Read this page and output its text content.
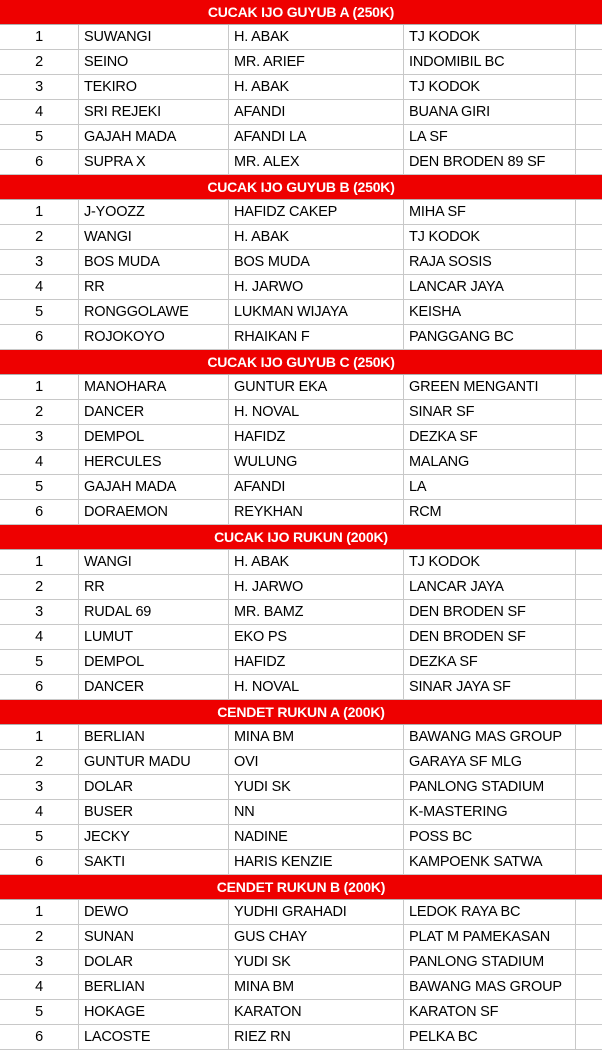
CUCAK IJO GUYUB A (250K)
1	SUWANGI	H. ABAK	TJ KODOK
2	SEINO	MR. ARIEF	INDOMIBIL BC
3	TEKIRO	H. ABAK	TJ KODOK
4	SRI REJEKI	AFANDI	BUANA GIRI
5	GAJAH MADA	AFANDI LA	LA SF
6	SUPRA X	MR. ALEX	DEN BRODEN 89 SF
CUCAK IJO GUYUB B (250K)
1	J-YOOZZ	HAFIDZ CAKEP	MIHA SF
2	WANGI	H. ABAK	TJ KODOK
3	BOS MUDA	BOS MUDA	RAJA SOSIS
4	RR	H. JARWO	LANCAR JAYA
5	RONGGOLAWE	LUKMAN WIJAYA	KEISHA
6	ROJOKOYO	RHAIKAN F	PANGGANG BC
CUCAK IJO GUYUB C (250K)
1	MANOHARA	GUNTUR EKA	GREEN MENGANTI
2	DANCER	H. NOVAL	SINAR SF
3	DEMPOL	HAFIDZ	DEZKA SF
4	HERCULES	WULUNG	MALANG
5	GAJAH MADA	AFANDI	LA
6	DORAEMON	REYKHAN	RCM
CUCAK IJO RUKUN (200K)
1	WANGI	H. ABAK	TJ KODOK
2	RR	H. JARWO	LANCAR JAYA
3	RUDAL 69	MR. BAMZ	DEN BRODEN SF
4	LUMUT	EKO PS	DEN BRODEN SF
5	DEMPOL	HAFIDZ	DEZKA SF
6	DANCER	H. NOVAL	SINAR JAYA SF
CENDET RUKUN A (200K)
1	BERLIAN	MINA BM	BAWANG MAS GROUP
2	GUNTUR MADU	OVI	GARAYA SF MLG
3	DOLAR	YUDI SK	PANLONG STADIUM
4	BUSER	NN	K-MASTERING
5	JECKY	NADINE	POSS BC
6	SAKTI	HARIS KENZIE	KAMPOENK SATWA
CENDET RUKUN B (200K)
1	DEWO	YUDHI GRAHADI	LEDOK RAYA BC
2	SUNAN	GUS CHAY	PLAT M PAMEKASAN
3	DOLAR	YUDI SK	PANLONG STADIUM
4	BERLIAN	MINA BM	BAWANG MAS GROUP
5	HOKAGE	KARATON	KARATON SF
6	LACOSTE	RIEZ RN	PELKA BC
